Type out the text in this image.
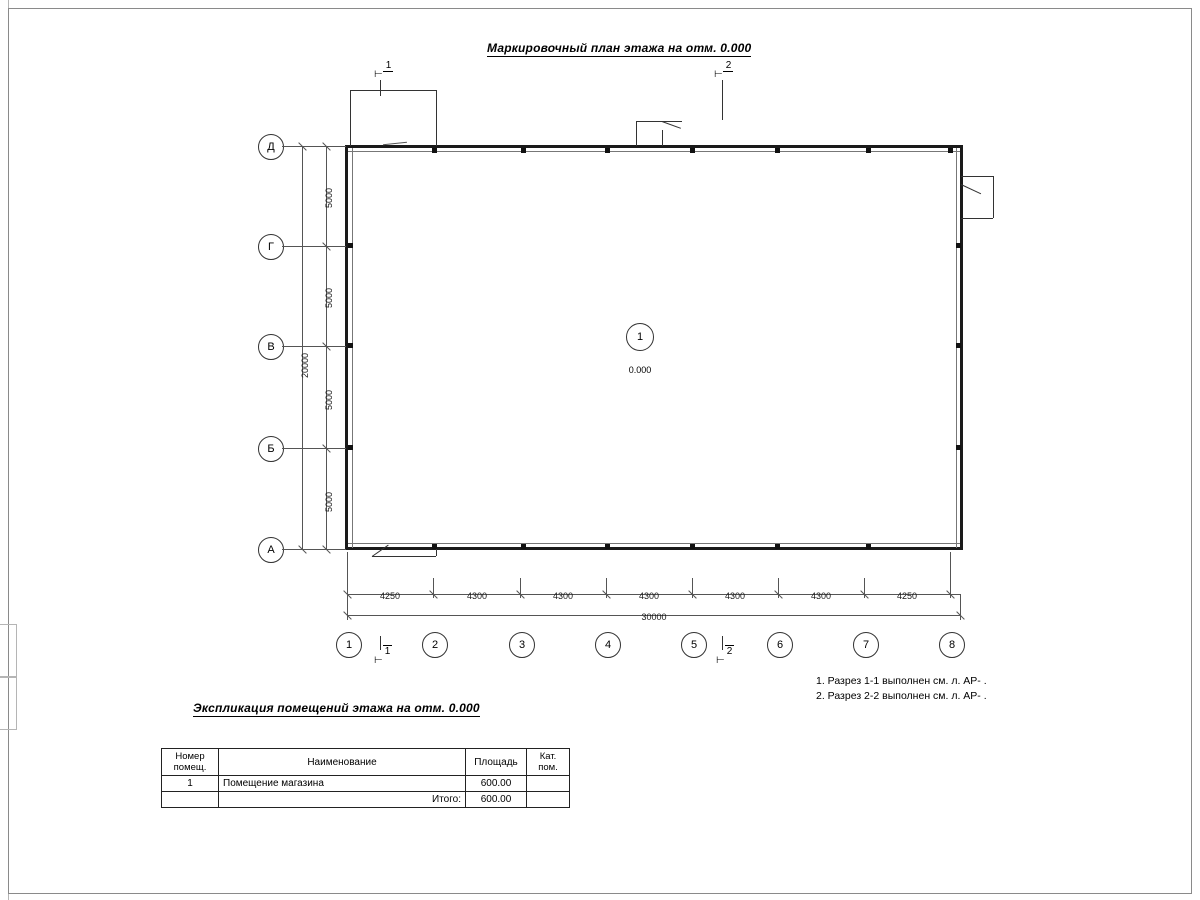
Маркировочный план этажа на отм. 0.000
⊢1
⊢2
⊢1
⊢2
1
0.000
Д
Г
В
Б
А
5000
5000
5000
5000
20000
4250	4300	4300	4300	4300	4300	4250
30000
1	2	3	4	5	6	7	8
1. Разрез 1-1 выполнен см. л. АР- .
2. Разрез 2-2 выполнен см. л. АР- .
Экспликация помещений этажа на отм. 0.000
Номер
помещ.	Наименование	Площадь	Кат.
пом.

1	Помещение магазина	600.00	
	Итого:	600.00	
